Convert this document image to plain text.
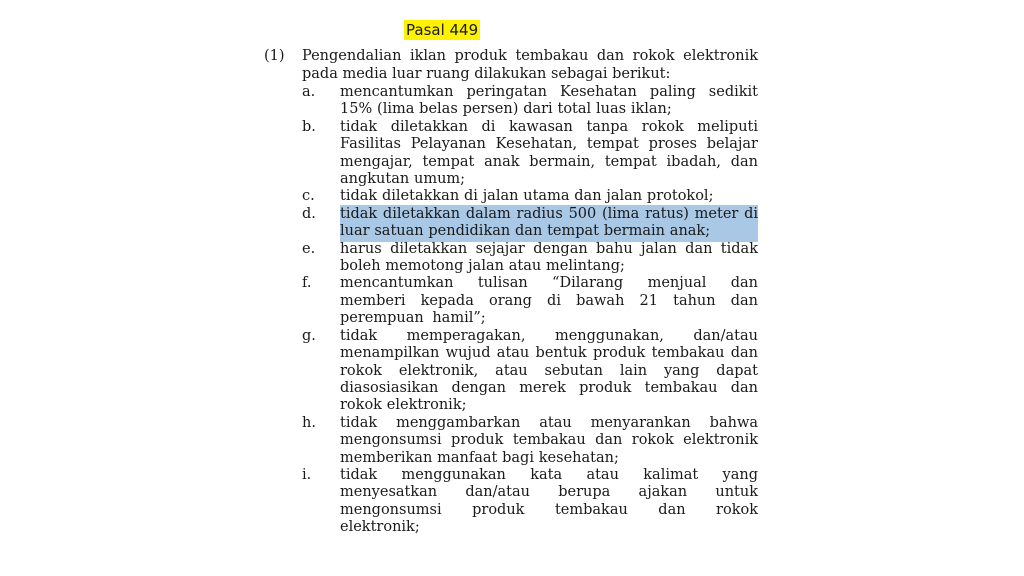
Pasal 449
(1) Pengendalian iklan produk tembakau dan rokok elektronik pada media luar ruang dilakukan sebagai berikut:
a.	mencantumkan peringatan Kesehatan paling sedikit 15% (lima belas persen) dari total luas iklan;
b.	tidak diletakkan di kawasan tanpa rokok meliputi Fasilitas Pelayanan Kesehatan, tempat proses belajar mengajar, tempat anak bermain, tempat ibadah, dan angkutan umum;
c.	tidak diletakkan di jalan utama dan jalan protokol;
d.	tidak diletakkan dalam radius 500 (lima ratus) meter di luar satuan pendidikan dan tempat bermain anak;
e.	harus diletakkan sejajar dengan bahu jalan dan tidak boleh memotong jalan atau melintang;
f.	mencantumkan tulisan “Dilarang menjual dan memberi kepada orang di bawah 21 tahun dan perempuan hamil”;
g.	tidak memperagakan, menggunakan, dan/atau menampilkan wujud atau bentuk produk tembakau dan rokok elektronik, atau sebutan lain yang dapat diasosiasikan dengan merek produk tembakau dan rokok elektronik;
h.	tidak menggambarkan atau menyarankan bahwa mengonsumsi produk tembakau dan rokok elektronik memberikan manfaat bagi kesehatan;
i.	tidak menggunakan kata atau kalimat yang menyesatkan dan/atau berupa ajakan untuk mengonsumsi produk tembakau dan rokok elektronik;
